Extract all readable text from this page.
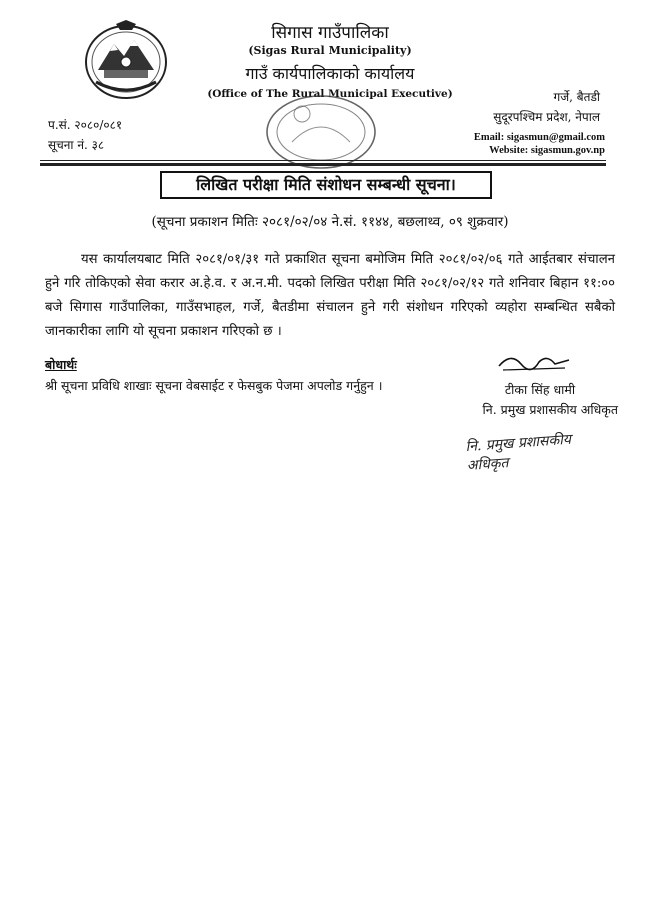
सिगास गाउँपालिका
(Sigas Rural Municipality)
गाउँ कार्यपालिकाको कार्यालय
(Office of The Rural Municipal Executive)	गर्जे, बैतडी
सुदूरपश्चिम प्रदेश, नेपाल
Email: sigasmun@gmail.com
Website: sigasmun.gov.np
प.सं. २०८०/०८१
सूचना नं. ३८
लिखित परीक्षा मिति संशोधन सम्बन्धी सूचना।
(सूचना प्रकाशन मितिः २०८१/०२/०४ ने.सं. ११४४, बछलाथ्व, ०९ शुक्रवार)
यस कार्यालयबाट मिति २०८१/०१/३१ गते प्रकाशित सूचना बमोजिम मिति २०८१/०२/०६ गते आईतबार संचालन हुने गरि तोकिएको सेवा करार अ.हे.व. र अ.न.मी. पदको लिखित परीक्षा मिति २०८१/०२/१२ गते शनिवार बिहान ११:०० बजे सिगास गाउँपालिका, गाउँसभाहल, गर्जे, बैतडीमा संचालन हुने गरी संशोधन गरिएको व्यहोरा सम्बन्धित सबैको जानकारीका लागि यो सूचना प्रकाशन गरिएको छ ।
बोधार्थः
श्री सूचना प्रविधि शाखाः सूचना वेबसाईट र फेसबुक पेजमा अपलोड गर्नुहुन ।	टीका सिंह धामी
नि. प्रमुख प्रशासकीय अधिकृत
नि. प्रमुख प्रशासकीय अधिकृत
